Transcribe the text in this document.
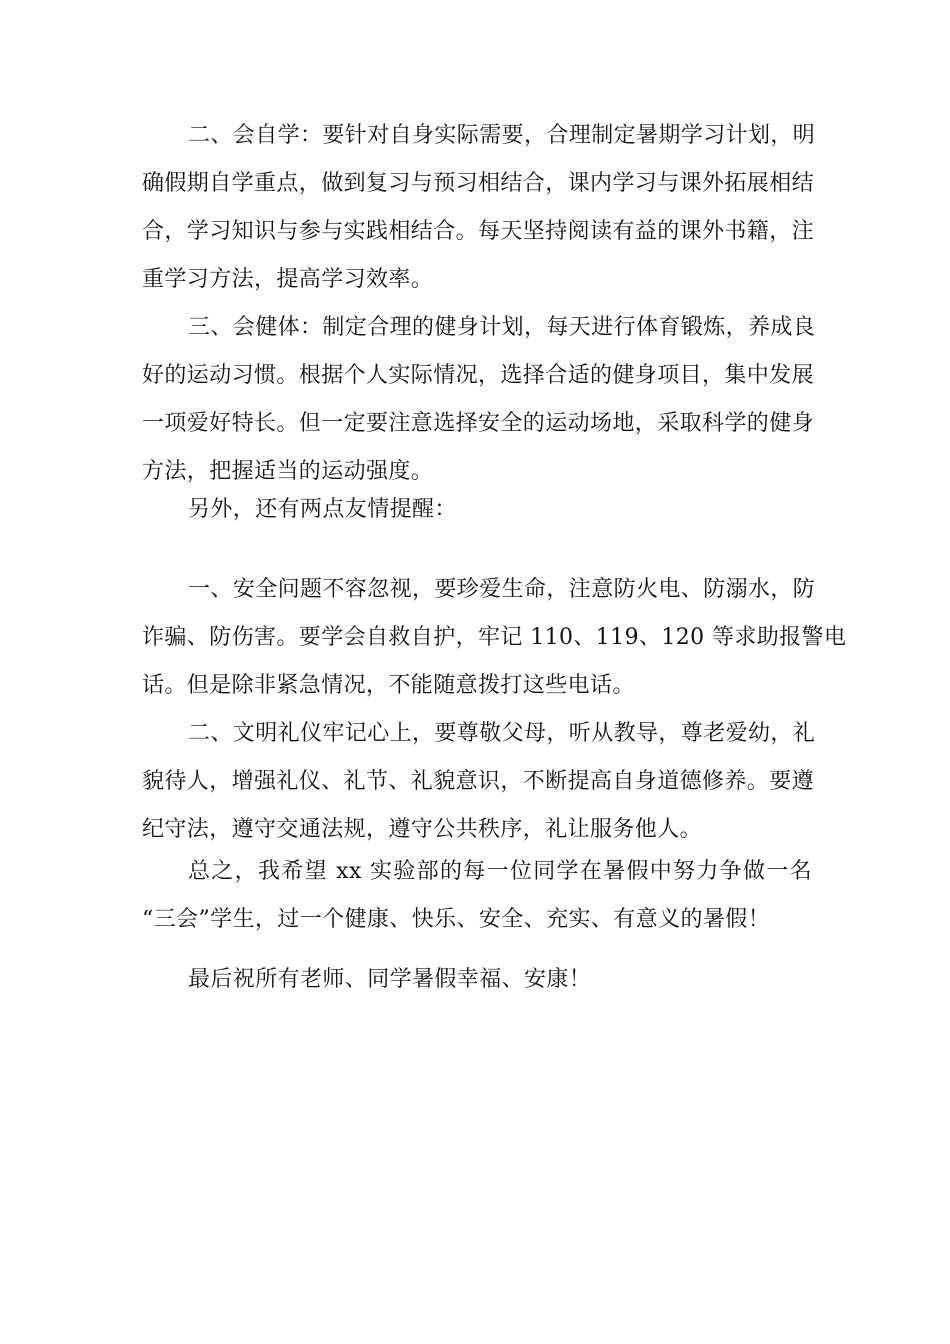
二、会自学：要针对自身实际需要，合理制定暑期学习计划，明
确假期自学重点，做到复习与预习相结合，课内学习与课外拓展相结
合，学习知识与参与实践相结合。每天坚持阅读有益的课外书籍，注
重学习方法，提高学习效率。

三、会健体：制定合理的健身计划，每天进行体育锻炼，养成良
好的运动习惯。根据个人实际情况，选择合适的健身项目，集中发展
一项爱好特长。但一定要注意选择安全的运动场地，采取科学的健身
方法，把握适当的运动强度。

另外，还有两点友情提醒：

一、安全问题不容忽视，要珍爱生命，注意防火电、防溺水，防
诈骗、防伤害。要学会自救自护，牢记 110、119、120 等求助报警电
话。但是除非紧急情况，不能随意拨打这些电话。

二、文明礼仪牢记心上，要尊敬父母，听从教导，尊老爱幼，礼
貌待人，增强礼仪、礼节、礼貌意识，不断提高自身道德修养。要遵
纪守法，遵守交通法规，遵守公共秩序，礼让服务他人。

总之，我希望 xx 实验部的每一位同学在暑假中努力争做一名
“三会”学生，过一个健康、快乐、安全、充实、有意义的暑假！

最后祝所有老师、同学暑假幸福、安康！
